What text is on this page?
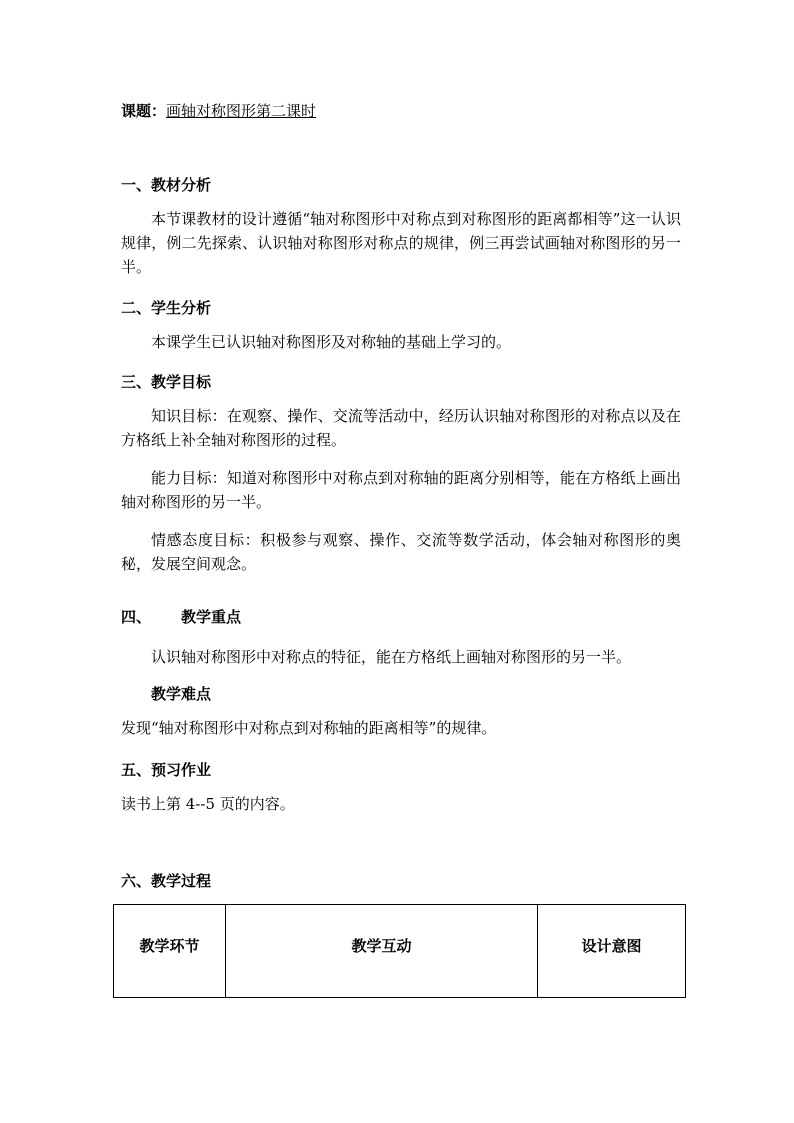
课题：画轴对称图形第二课时
一、教材分析
本节课教材的设计遵循“轴对称图形中对称点到对称图形的距离都相等”这一认识规律，例二先探索、认识轴对称图形对称点的规律，例三再尝试画轴对称图形的另一半。
二、学生分析
本课学生已认识轴对称图形及对称轴的基础上学习的。
三、教学目标
知识目标：在观察、操作、交流等活动中，经历认识轴对称图形的对称点以及在方格纸上补全轴对称图形的过程。
能力目标：知道对称图形中对称点到对称轴的距离分别相等，能在方格纸上画出轴对称图形的另一半。
情感态度目标：积极参与观察、操作、交流等数学活动，体会轴对称图形的奥秘，发展空间观念。
四、 教学重点
认识轴对称图形中对称点的特征，能在方格纸上画轴对称图形的另一半。
教学难点
发现“轴对称图形中对称点到对称轴的距离相等”的规律。
五、预习作业
读书上第 4--5 页的内容。
六、教学过程
教学环节	教学互动	设计意图
